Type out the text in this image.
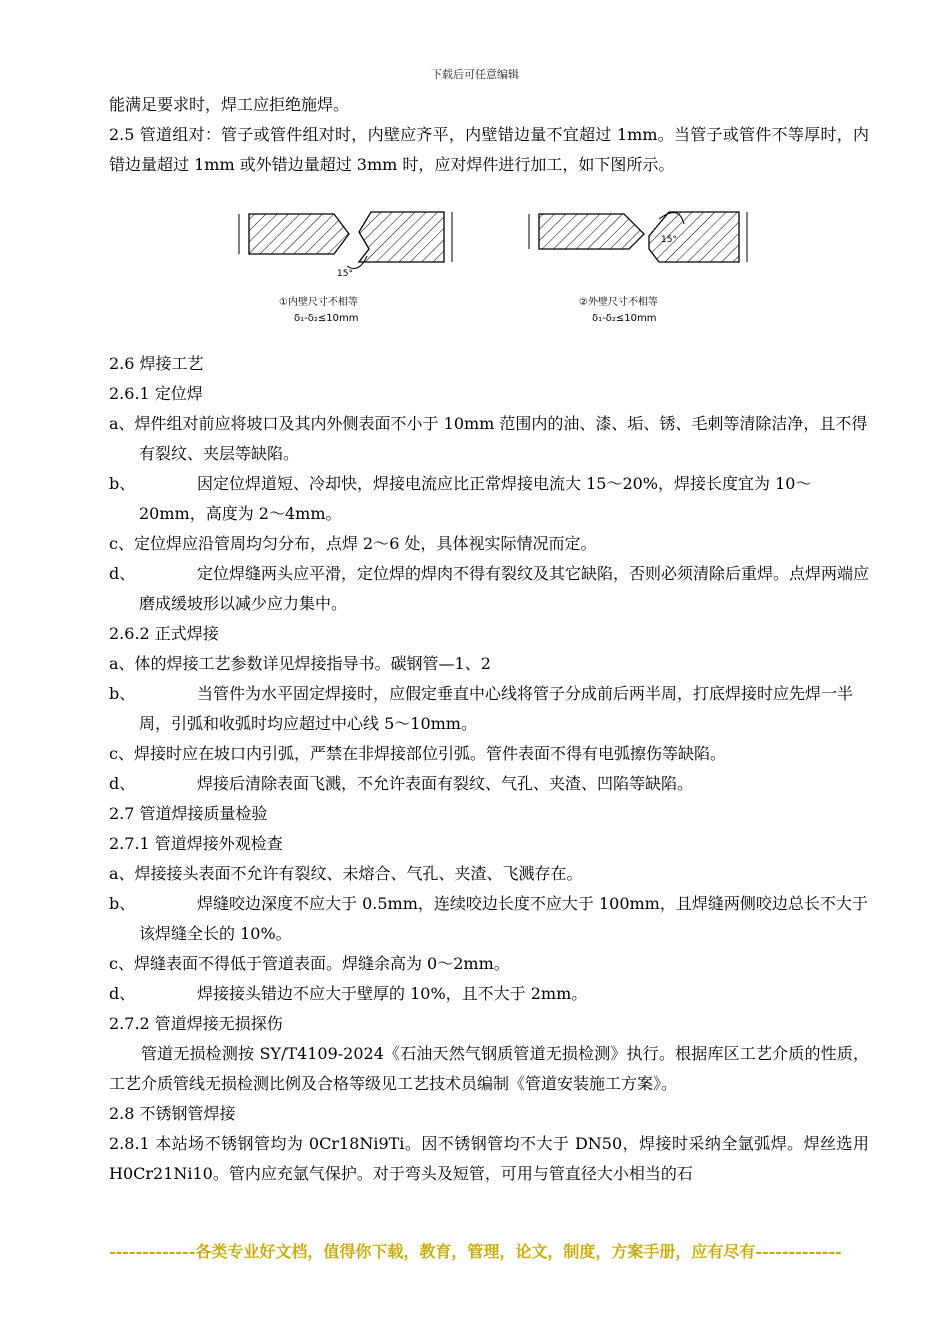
下载后可任意编辑

能满足要求时，焊工应拒绝施焊。

2.5 管道组对：管子或管件组对时，内壁应齐平，内壁错边量不宜超过 1mm。当管子或管件不等厚时，内错边量超过 1mm 或外错边量超过 3mm 时，应对焊件进行加工，如下图所示。

15°
①内壁尺寸不相等
δ₁-δ₂≤10mm
15°
②外壁尺寸不相等
δ₁-δ₂≤10mm

2.6 焊接工艺

2.6.1 定位焊

a、焊件组对前应将坡口及其内外侧表面不小于 10mm 范围内的油、漆、垢、锈、毛刺等清除洁净，且不得有裂纹、夹层等缺陷。

b、	因定位焊道短、冷却快，焊接电流应比正常焊接电流大 15～20%，焊接长度宜为 10～20mm，高度为 2～4mm。

c、定位焊应沿管周均匀分布，点焊 2～6 处，具体视实际情况而定。

d、	定位焊缝两头应平滑，定位焊的焊肉不得有裂纹及其它缺陷，否则必须清除后重焊。点焊两端应磨成缓坡形以减少应力集中。

2.6.2 正式焊接

a、体的焊接工艺参数详见焊接指导书。碳钢管—1、2

b、	当管件为水平固定焊接时，应假定垂直中心线将管子分成前后两半周，打底焊接时应先焊一半周，引弧和收弧时均应超过中心线 5～10mm。

c、焊接时应在坡口内引弧，严禁在非焊接部位引弧。管件表面不得有电弧擦伤等缺陷。

d、	焊接后清除表面飞溅，不允许表面有裂纹、气孔、夹渣、凹陷等缺陷。

2.7 管道焊接质量检验

2.7.1 管道焊接外观检查

a、焊接接头表面不允许有裂纹、未熔合、气孔、夹渣、飞溅存在。

b、	焊缝咬边深度不应大于 0.5mm，连续咬边长度不应大于 100mm，且焊缝两侧咬边总长不大于该焊缝全长的 10%。

c、焊缝表面不得低于管道表面。焊缝余高为 0～2mm。

d、	焊接接头错边不应大于壁厚的 10%，且不大于 2mm。

2.7.2 管道焊接无损探伤

管道无损检测按 SY/T4109-2024《石油天然气钢质管道无损检测》执行。根据库区工艺介质的性质，工艺介质管线无损检测比例及合格等级见工艺技术员编制《管道安装施工方案》。

2.8 不锈钢管焊接

2.8.1 本站场不锈钢管均为 0Cr18Ni9Ti。因不锈钢管均不大于 DN50，焊接时采纳全氩弧焊。焊丝选用 H0Cr21Ni10。管内应充氩气保护。对于弯头及短管，可用与管直径大小相当的石

-------------各类专业好文档，值得你下载，教育，管理，论文，制度，方案手册，应有尽有-------------
